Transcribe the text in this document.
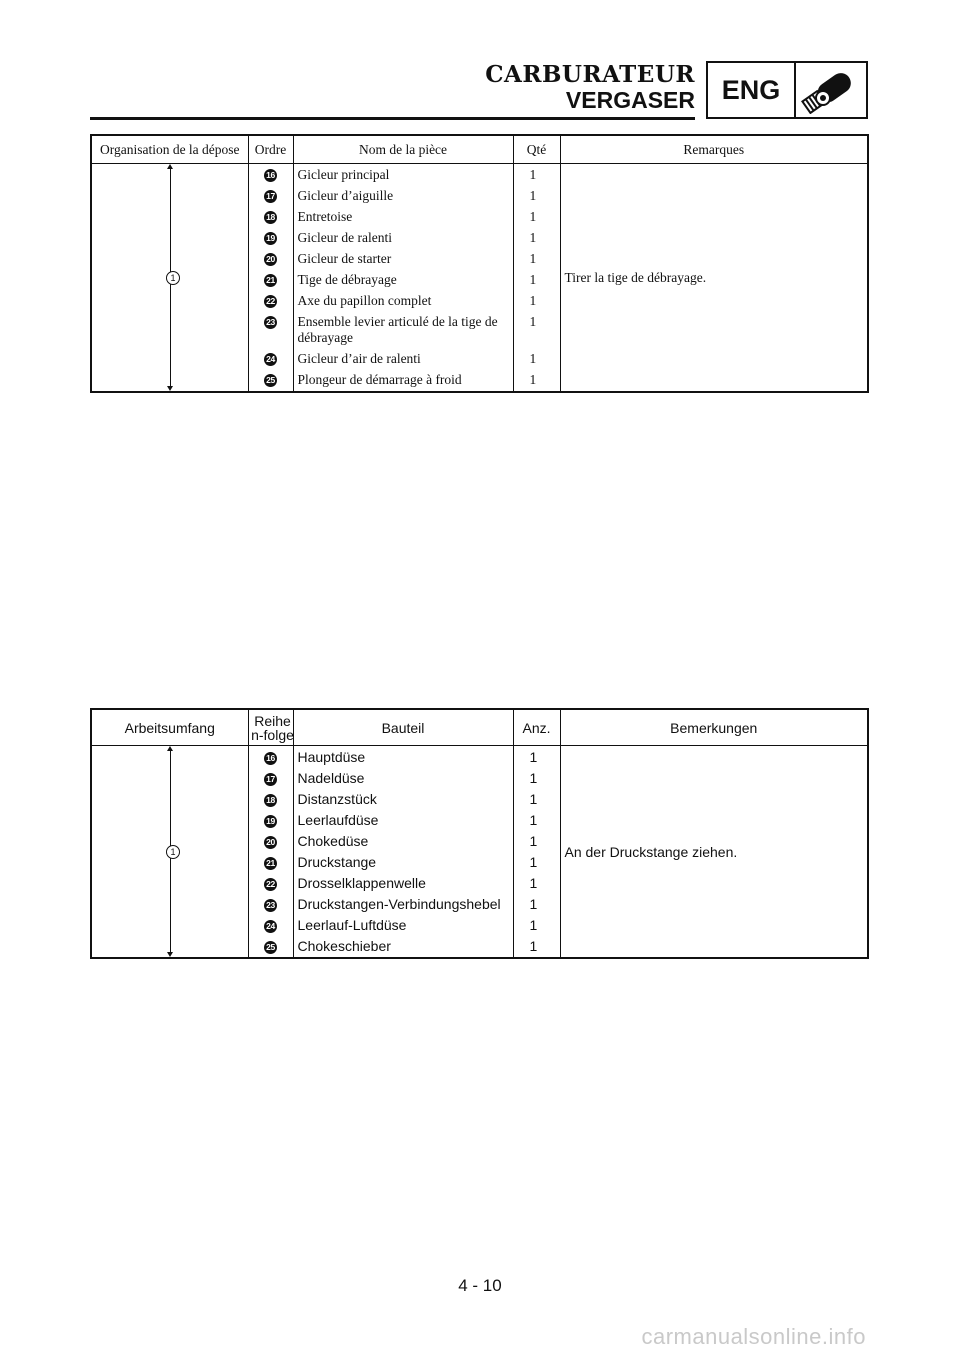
CARBURATEUR
VERGASER ENG
Organisation de la dépose	Ordre	Nom de la pièce	Qté	Remarques

1	16	Gicleur principal	1	Tirer la tige de débrayage.
	17	Gicleur d’aiguille	1	
	18	Entretoise	1	
	19	Gicleur de ralenti	1	
	20	Gicleur de starter	1	
	21	Tige de débrayage	1	
	22	Axe du papillon complet	1	
	23	Ensemble levier articulé de la tige de débrayage	1	
	24	Gicleur d’air de ralenti	1	
	25	Plongeur de démarrage à froid	1	
Arbeitsumfang	Reihen-folge	Bauteil	Anz.	Bemerkungen

1	16	Hauptdüse	1	An der Druckstange ziehen.
	17	Nadeldüse	1	
	18	Distanzstück	1	
	19	Leerlaufdüse	1	
	20	Chokedüse	1	
	21	Druckstange	1	
	22	Drosselklappenwelle	1	
	23	Druckstangen-Verbindungshebel	1	
	24	Leerlauf-Luftdüse	1	
	25	Chokeschieber	1	
4 - 10
carmanualsonline.info
